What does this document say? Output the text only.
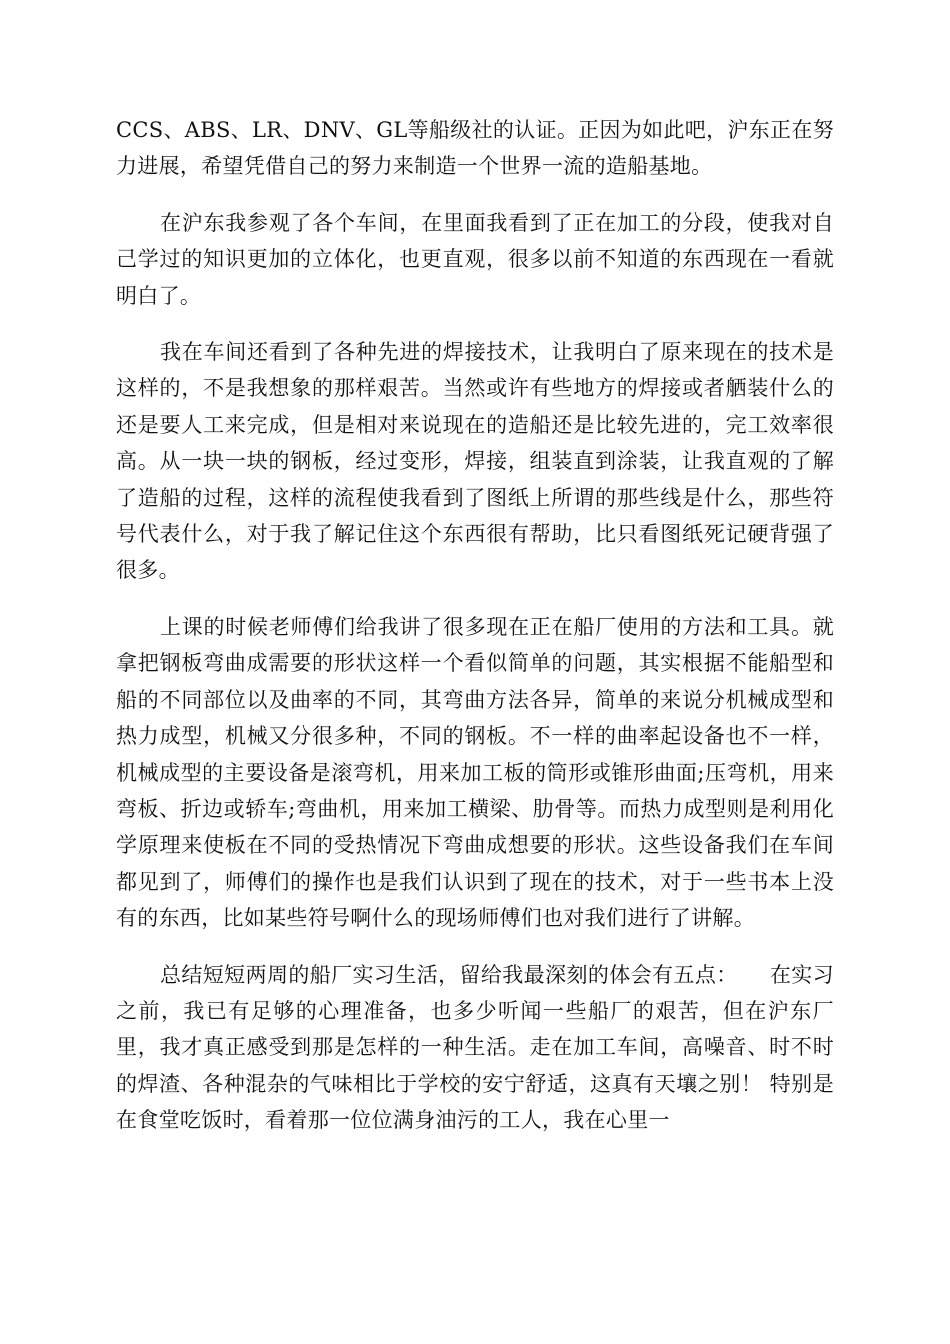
CCS、ABS、LR、DNV、GL等船级社的认证。正因为如此吧，沪东正在努力进展，希望凭借自己的努力来制造一个世界一流的造船基地。

在沪东我参观了各个车间，在里面我看到了正在加工的分段，使我对自己学过的知识更加的立体化，也更直观，很多以前不知道的东西现在一看就明白了。

我在车间还看到了各种先进的焊接技术，让我明白了原来现在的技术是这样的，不是我想象的那样艰苦。当然或许有些地方的焊接或者舾装什么的还是要人工来完成，但是相对来说现在的造船还是比较先进的，完工效率很高。从一块一块的钢板，经过变形，焊接，组装直到涂装，让我直观的了解了造船的过程，这样的流程使我看到了图纸上所谓的那些线是什么，那些符号代表什么，对于我了解记住这个东西很有帮助，比只看图纸死记硬背强了很多。

上课的时候老师傅们给我讲了很多现在正在船厂使用的方法和工具。就拿把钢板弯曲成需要的形状这样一个看似简单的问题，其实根据不能船型和船的不同部位以及曲率的不同，其弯曲方法各异，简单的来说分机械成型和热力成型，机械又分很多种，不同的钢板。不一样的曲率起设备也不一样，机械成型的主要设备是滚弯机，用来加工板的筒形或锥形曲面;压弯机，用来弯板、折边或轿车;弯曲机，用来加工横梁、肋骨等。而热力成型则是利用化学原理来使板在不同的受热情况下弯曲成想要的形状。这些设备我们在车间都见到了，师傅们的操作也是我们认识到了现在的技术，对于一些书本上没有的东西，比如某些符号啊什么的现场师傅们也对我们进行了讲解。

总结短短两周的船厂实习生活，留给我最深刻的体会有五点：　　在实习之前，我已有足够的心理准备，也多少听闻一些船厂的艰苦，但在沪东厂里，我才真正感受到那是怎样的一种生活。走在加工车间，高噪音、时不时的焊渣、各种混杂的气味相比于学校的安宁舒适，这真有天壤之别！ 特别是在食堂吃饭时，看着那一位位满身油污的工人，我在心里一
